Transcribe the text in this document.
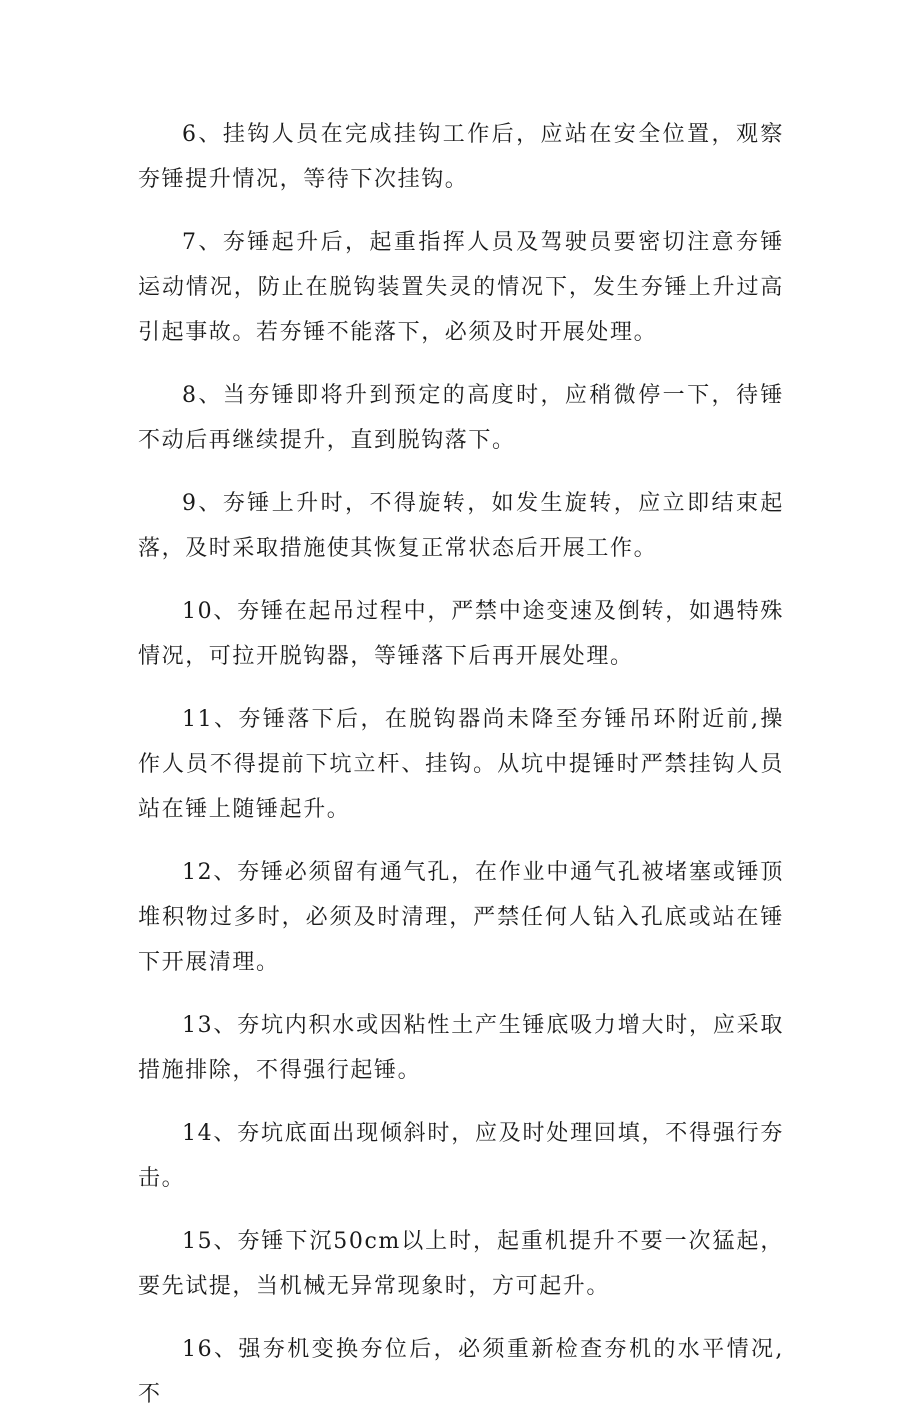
6、挂钩人员在完成挂钩工作后，应站在安全位置，观察夯锤提升情况，等待下次挂钩。

7、夯锤起升后，起重指挥人员及驾驶员要密切注意夯锤运动情况，防止在脱钩装置失灵的情况下，发生夯锤上升过高引起事故。若夯锤不能落下，必须及时开展处理。

8、当夯锤即将升到预定的高度时，应稍微停一下，待锤不动后再继续提升，直到脱钩落下。

9、夯锤上升时，不得旋转，如发生旋转，应立即结束起落，及时采取措施使其恢复正常状态后开展工作。

10、夯锤在起吊过程中，严禁中途变速及倒转，如遇特殊情况，可拉开脱钩器，等锤落下后再开展处理。

11、夯锤落下后，在脱钩器尚未降至夯锤吊环附近前,操作人员不得提前下坑立杆、挂钩。从坑中提锤时严禁挂钩人员站在锤上随锤起升。

12、夯锤必须留有通气孔，在作业中通气孔被堵塞或锤顶堆积物过多时，必须及时清理，严禁任何人钻入孔底或站在锤下开展清理。

13、夯坑内积水或因粘性土产生锤底吸力增大时，应采取措施排除，不得强行起锤。

14、夯坑底面出现倾斜时，应及时处理回填，不得强行夯击。

15、夯锤下沉50cm以上时，起重机提升不要一次猛起，要先试提，当机械无异常现象时，方可起升。

16、强夯机变换夯位后，必须重新检查夯机的水平情况,不
